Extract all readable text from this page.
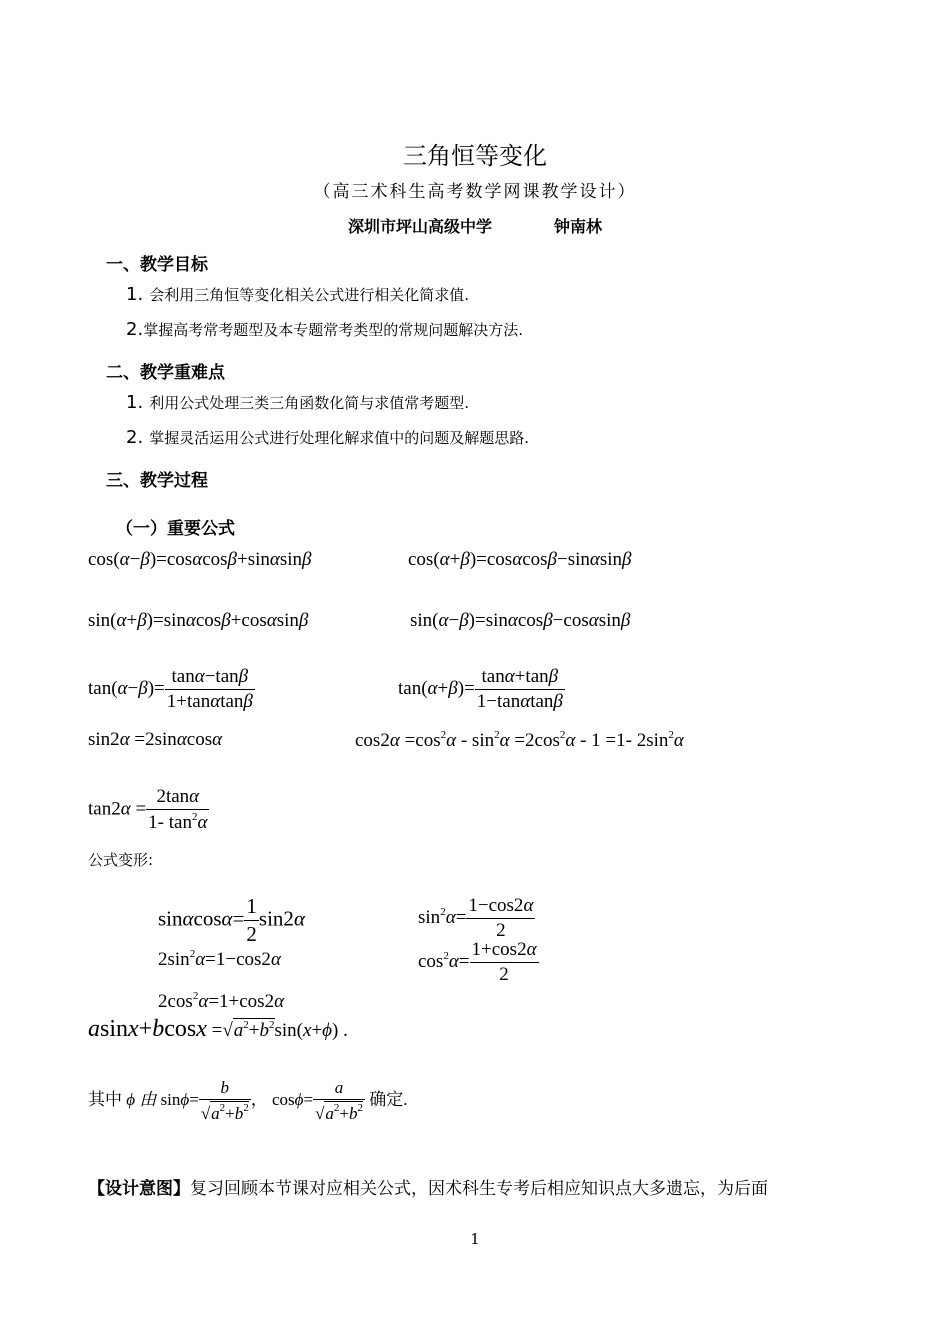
三角恒等变化
（高三术科生高考数学网课教学设计）
深圳市坪山高级中学	钟南林
一、教学目标
1. 会利用三角恒等变化相关公式进行相关化简求值.
2.掌握高考常考题型及本专题常考类型的常规问题解决方法.
二、教学重难点
1. 利用公式处理三类三角函数化简与求值常考题型.
2. 掌握灵活运用公式进行处理化解求值中的问题及解题思路.
三、教学过程
（一）重要公式
cos(α−β)=cosαcosβ+sinαsinβ	cos(α+β)=cosαcosβ−sinαsinβ
sin(α+β)=sinαcosβ+cosαsinβ	sin(α−β)=sinαcosβ−cosαsinβ
$\tan(\alpha-\beta)= \frac{\tan\alpha-\tan\beta}{1+\tan\alpha\tan\beta}$	$\tan(\alpha+\beta)= \frac{\tan\alpha+\tan\beta}{1-\tan\alpha\tan\beta}$
sin2α =2sinαcosα	$\cos 2\alpha =\cos^2\alpha - \sin^2\alpha =2\cos^2\alpha - 1 =1-$ $2\sin^2\alpha$
$\tan 2\alpha = \frac{2\tan\alpha}{1- \tan^2\alpha}$
公式变形:
$\sin\alpha\cos\alpha= \frac{1}{2} \sin 2\alpha$	$\sin^2\alpha= \frac{1-\cos 2\alpha}{2}$
$2\sin^2\alpha=1-\cos 2\alpha$	$\cos^2\alpha= \frac{1+\cos 2\alpha}{2}$
$2\cos^2\alpha=1+\cos 2\alpha$
$asinx+bcosx =√a^2+b^2\sin(x+\phi)$ .
其中 ϕ 由 $\sin\phi= \frac{b}{√a^2+b^2}$ ， $\cos\phi= \frac{a}{√a^2+b^2}$ 确定.
【设计意图】复习回顾本节课对应相关公式，因术科生专考后相应知识点大多遗忘，为后面
1
